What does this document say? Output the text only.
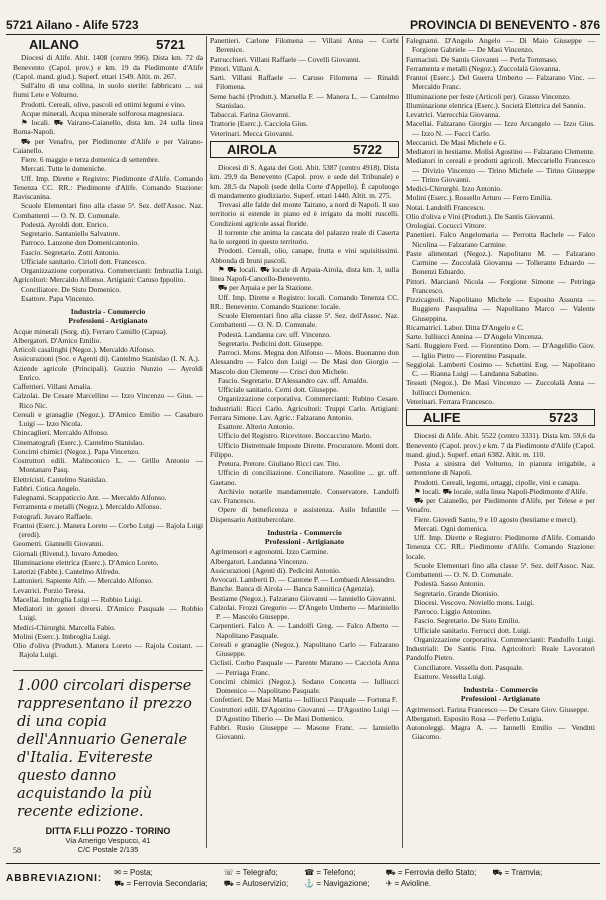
5721 Ailano - Alife 5723	PROVINCIA DI BENEVENTO - 876
AILANO	5721

Diocesi di Alife. Abit. 1408 (centro 996). Dista km. 72 da Benevento (Capol. prov.) e km. 19 da Piedimonte d'Alife (Capol. mand. giud.). Superf. ettari 1549. Altit. m. 267.

Sull'alto di una collina, in suolo sterile: fabbricato ... sui fiumi Lete e Volturno.

Prodotti. Cereali, olive, pascoli ed ottimi legumi e vino.

Acque minerali. Acqua minerale solforosa magnesiaca.

⚑ locali. ⛟ Vairano-Caianello, dista km. 24 sulla linea Roma-Napoli.

⛟ per Venafro, per Piedimonte d'Alife e per Vairano-Caianello.

Fiere. 6 maggio e terza domenica di settembre.

Mercati. Tutte le domeniche.

Uff. Imp. Dirette e Registro: Piedimonte d'Alife. Comando Tenenza CC. RR.: Piedimonte d'Alife. Comando Stazione: Raviscanina.

Scuole Elementari fino alla classe 5ª. Sez. dell'Assoc. Naz. Combattenti — O. N. D. Comunale.

Podestà. Ayroldi dott. Enrico.

Segretario. Santaniello Salvatore.

Parroco. Lanzone don Domenicantonio.

Fascio. Segretario. Zotti Antonio.

Ufficiale sanitario. Cirioli dott. Francesco.

Organizzazione corporativa. Commercianti: Imbrazlia Luigi. Agricoltori: Mercaldo Alfonso. Artigiani: Caruso Ippolito.

Conciliatore. De Sisto Domenico.

Esattore. Papa Vincenzo.

Industria - Commercio
Professioni - Artigianato

Acque minerali (Sorg. di). Ferraro Camillo (Capua).

Albergatori. D'Amico Emilio.

Articoli casalinghi (Negoz.). Mercaldo Alfonso.

Assicurazioni (Soc. e Agenti di). Cantelmo Stanislao (I. N. A.).

Aziende agricole (Principali). Guzzio Nunzio — Ayroldi Enrico.

Caffettieri. Villani Amalia.

Calzolai. De Cesare Marcellino — Izzo Vincenzo — Gius. — Rico Nic.

Cereali e granaglie (Negoz.). D'Amico Emilio — Casaburo Luigi — Izzo Nicola.

Chincaglieri. Mercaldo Alfonso.

Cinematografi (Eserc.). Cantelmo Stanislao.

Concimi chimici (Negoz.). Papa Vincenzo.

Costruttori edili. Malinconico L. — Grillo Antonio — Montanaro Pasq.

Elettricisti. Cantelmo Stanislao.

Fabbri. Cotica Angelo.

Falegnami. Scappaticcio Ant. — Mercaldo Alfonso.

Ferramenta e metalli (Negoz.). Mercaldo Alfonso.

Fotografi. Juvaro Raffaele.

Frantoi (Eserc.). Manera Loreto — Corbo Luigi — Rajola Luigi (eredi).

Geometri. Giannelli Giovanni.

Giornali (Rivend.). Iuvaro Amedeo.

Illuminazione elettrica (Eserc.). D'Amico Loreto.

Laterizi (Fabbr.). Cantelmo Alfredo.

Lattonieri. Sapiente Alfr. — Mercaldo Alfonso.

Levatrici. Porzio Teresa.

Macellai. Imbroglia Luigi — Robbio Luigi.

Mediatori in generi diversi. D'Amico Pasquale — Robbio Luigi.

Medici-Chirurghi. Marcella Fabio.

Molini (Eserc.). Imbroglia Luigi.

Olio d'oliva (Produtt.). Manera Loreto — Rajola Costant. — Rajola Luigi.

1.000 circolari disperse rappresentano il prezzo di una copia dell'Annuario Generale d'Italia. Evitereste questo danno acquistando la più recente edizione.

DITTA F.LLI POZZO - TORINO
Via Amerigo Vespucci, 41
C/C Postale 2/135
58

Panettieri. Carlone Filomena — Villani Anna — Corbi Berenice.

Parrucchieri. Villani Raffaele — Covelli Giovanni.

Pittori. Villani A.

Sarti. Villani Raffaele — Caruso Filomena — Rinaldi Filomena.

Seme bachi (Produtt.). Marsella F. — Manera L. — Cantelmo Stanislao.

Tabaccai. Farina Giovanni.

Trattorie (Eserc.). Cacciola Gius.

Veterinari. Mecca Giovanni.

AIROLA	5722

Diocesi di S. Agata dei Goti. Abit. 5387 (centro 4918). Dista km. 29,9 da Benevento (Capol. prov. e sede del Tribunale) e km. 28,5 da Napoli (sede della Corte d'Appello). È capoluogo di mandamento giudiziario. Superf. ettari 1440. Altit. m. 275.

Trovasi alle falde del monte Tairano, a nord di Napoli. Il suo territorio si estende in piano ed è irrigato da molti ruscelli. Condizioni agricole assai floride.

Il torrente che anima la cascata del palazzo reale di Caserta ha le sorgenti in questo territorio.

Prodotti. Cereali, olio, canape, frutta e vini squisitissimi. Abbonda di bruni pascoli.

⚑ ⛟ locali. ⛟ locale di Arpaia-Airola, dista km. 3, sulla linea Napoli-Cancello-Benevento.

⛟ per Arpaia e per la Stazione.

Uff. Imp. Dirette e Registro: locali. Comando Tenenza CC. RR.: Benevento. Comando Stazione: locale.

Scuole Elementari fino alla classe 5ª. Sez. dell'Assoc. Naz. Combattenti — O. N. D. Comunale.

Podestà. Landanna cav. uff. Vincenzo.

Segretario. Pedicini dott. Giuseppe.

Parroci. Mons. Megna don Alfonso — Mons. Buonanno don Alessandro — Falco don Luigi — De Masi don Giorgio — Mascolo don Clemente — Crisci don Michele.

Fascio. Segretario. D'Alessandro cav. uff. Arnaldo.

Ufficiale sanitario. Cerni dott. Giuseppe.

Organizzazione corporativa. Commercianti: Rubino Cesare. Industriali: Ricci Carlo. Agricoltori: Truppi Carlo. Artigiani: Ferrara Simone. Lav. Agric.: Falzarano Antonio.

Esattore. Alterio Antonio.

Ufficio del Registro. Ricevitore. Boccaccino Mario.

Ufficio Distrettuale Imposte Dirette. Procuratore. Monti dott. Filippo.

Pretura. Pretore. Giuliano Ricci cav. Tito.

Ufficio di conciliazione. Conciliatore. Nasoline ... gr. uff. Gaetano.

Archivio notarile mandamentale. Conservatore. Landolfi cav. Francesco.

Opere di beneficenza e assistenza. Asilo Infantile — Dispensario Antitubercolare.

Industria - Commercio
Professioni - Artigianato

Agrimensori e agronomi. Izzo Carmine.

Albergatori. Landanna Vincenzo.

Assicurazioni (Agenti di). Pedicini Antonio.

Avvocati. Lamberti D. — Cantone P. — Lombardi Alessandro.

Banche. Banca di Airola — Banca Sannitica (Agenzia).

Bestiame (Negoz.). Falzarano Giovanni — Ianniello Giovanni.

Calzolai. Frozzi Gregorio — D'Angelo Umberto — Mariniello P. — Mascolo Giuseppe.

Carpentieri. Falco A. — Landolfi Greg. — Falco Alberto — Napolitano Pasquale.

Cereali e granaglie (Negoz.). Napolitano Carlo — Falzarano Giuseppe.

Ciclisti. Corbo Pasquale — Parente Marano — Cacciola Anna — Petriaga Franc.

Concimi chimici (Negoz.). Sodano Concetta — Iulliucci Domenico — Napolitano Pasquale.

Confettieri. De Masi Mattia — Iulliucci Pasquale — Fortuna F.

Costruttori edili. D'Agostino Giovanni — D'Agostino Luigi — D'Agostino Tiberio — De Masi Domenico.

Fabbri. Rusio Giuseppe — Masone Franc. — Ianniello Giovanni.

Falegnami. D'Angelo Angelo — Di Maio Giuseppe — Forgione Gabriele — De Masi Vincenzo.

Farmacisti. De Santis Giovanni — Perla Tommaso.

Ferramenta e metalli (Negoz.). Zuccolalà Giovanna.

Frantoi (Eserc.). Del Guerra Umberto — Falzarano Vinc. — Mercaldo Franc.

Illuminazione per feste (Articoli per). Grasso Vincenzo.

Illuminazione elettrica (Eserc.). Società Elettrica del Sannio.

Levatrici. Varrecchia Giovanna.

Macellai. Falzarano Giorgio — Izzo Arcangelo — Izzo Gius. — Izzo N. — Fucci Carlo.

Meccanici. De Masi Michele e G.

Mediatori in bestiame. Molisi Agostino — Falzarano Clemente.

Mediatori in cereali e prodotti agricoli. Meccariello Francesco — Divizio Vincenzo — Tirino Michele — Tirino Giuseppe — Tirino Giovanni.

Medici-Chirurghi. Izzo Antonio.

Molini (Eserc.). Rossello Arturo — Ferro Emilia.

Notai. Landolfi Francesco.

Olio d'oliva e Vini (Produtt.). De Santis Giovanni.

Orologiai. Cocucci Vittore.

Panettieri. Falco Angelomaria — Perrotta Rachele — Falco Nicolina — Falzarano Carmine.

Paste alimentari (Negoz.). Napolitano M. — Falzarano Carmine — Zuccolalà Giovanna — Tollerante Eduardo — Bonenzi Eduardo.

Pittori. Marcianò Nicola — Forgione Simone — Petringa Francesco.

Pizzicagnoli. Napolitano Michele — Esposito Assunta — Ruggiero Pasqualina — Napolitano Marco — Valente Giuseppina.

Ricamatrici. Labor. Ditta D'Angelo e C.

Sarte. Iulliucci Annina — D'Angelo Vincenza.

Sarti. Ruggiero Ferd. — Fiorentino Dom. — D'Angelillo Giov. — Iglio Pietro — Fiorentino Pasquale.

Seggiolai. Lamberti Cosimo — Schettini Eug. — Napolitano C. — Rianna Luigi — Landanna Sabatino.

Tessuti (Negoz.). De Masi Vincenzo — Zuccolalà Anna — Iulliucci Domenico.

Veterinari. Ferrara Francesco.

ALIFE	5723

Diocesi di Alife. Abit. 5522 (centro 3331). Dista km. 59,6 da Benevento (Capol. prov.) e km. 7 da Piedimonte d'Alife (Capol. mand. giud.). Superf. ettari 6382. Altit. m. 110.

Posta a sinistra del Volturno, in pianura irrigabile, a settentrione di Napoli.

Prodotti. Cereali, legumi, ortaggi, cipolle, vini e canapa.

⚑ locali. ⛟ locale, sulla linea Napoli-Piedimonte d'Alife.

⛟ per Caianello, per Piedimonte d'Alife, per Telese e per Venafro.

Fiere. Giovedì Santo, 9 e 10 agosto (bestiame e merci).

Mercati. Ogni domenica.

Uff. Imp. Dirette e Registro: Piedimonte d'Alife. Comando Tenenza CC. RR.: Piedimonte d'Alife. Comando Stazione: locale.

Scuole Elementari fino alla classe 5ª. Sez. dell'Assoc. Naz. Combattenti — O. N. D. Comunale.

Podestà. Sasso Antonio.

Segretario. Grande Dionisio.

Diocesi. Vescovo. Noviello mons. Luigi.

Parroco. Liggio Antonino.

Fascio. Segretario. De Sisto Emilio.

Ufficiale sanitario. Ferrucci dott. Luigi.

Organizzazione corporativa. Commercianti: Pandolfo Luigi. Industriali: De Santis Fina. Agricoltori: Reale Lavoratori Pandolfo Pietro.

Conciliatore. Vessella dott. Pasquale.

Esattore. Vessella Luigi.

Industria - Commercio
Professioni - Artigianato

Agrimensori. Farina Francesco — De Cesare Giov. Giuseppe.

Albergatori. Esposito Rosa — Perfetto Luigia.

Autonoleggi. Magra A. — Iannelli Emilio — Venditti Giacomo.

ABBREVIAZIONI:
✉ = Posta;	☏ = Telegrafo;	☎ = Telefono;	⛟ = Ferrovia dello Stato; ⛟ = Tramvia;
⛟ = Ferrovia Secondaria; ⛟ = Autoservizio; ⚓ = Navigazione; ✈ = Avioline.
